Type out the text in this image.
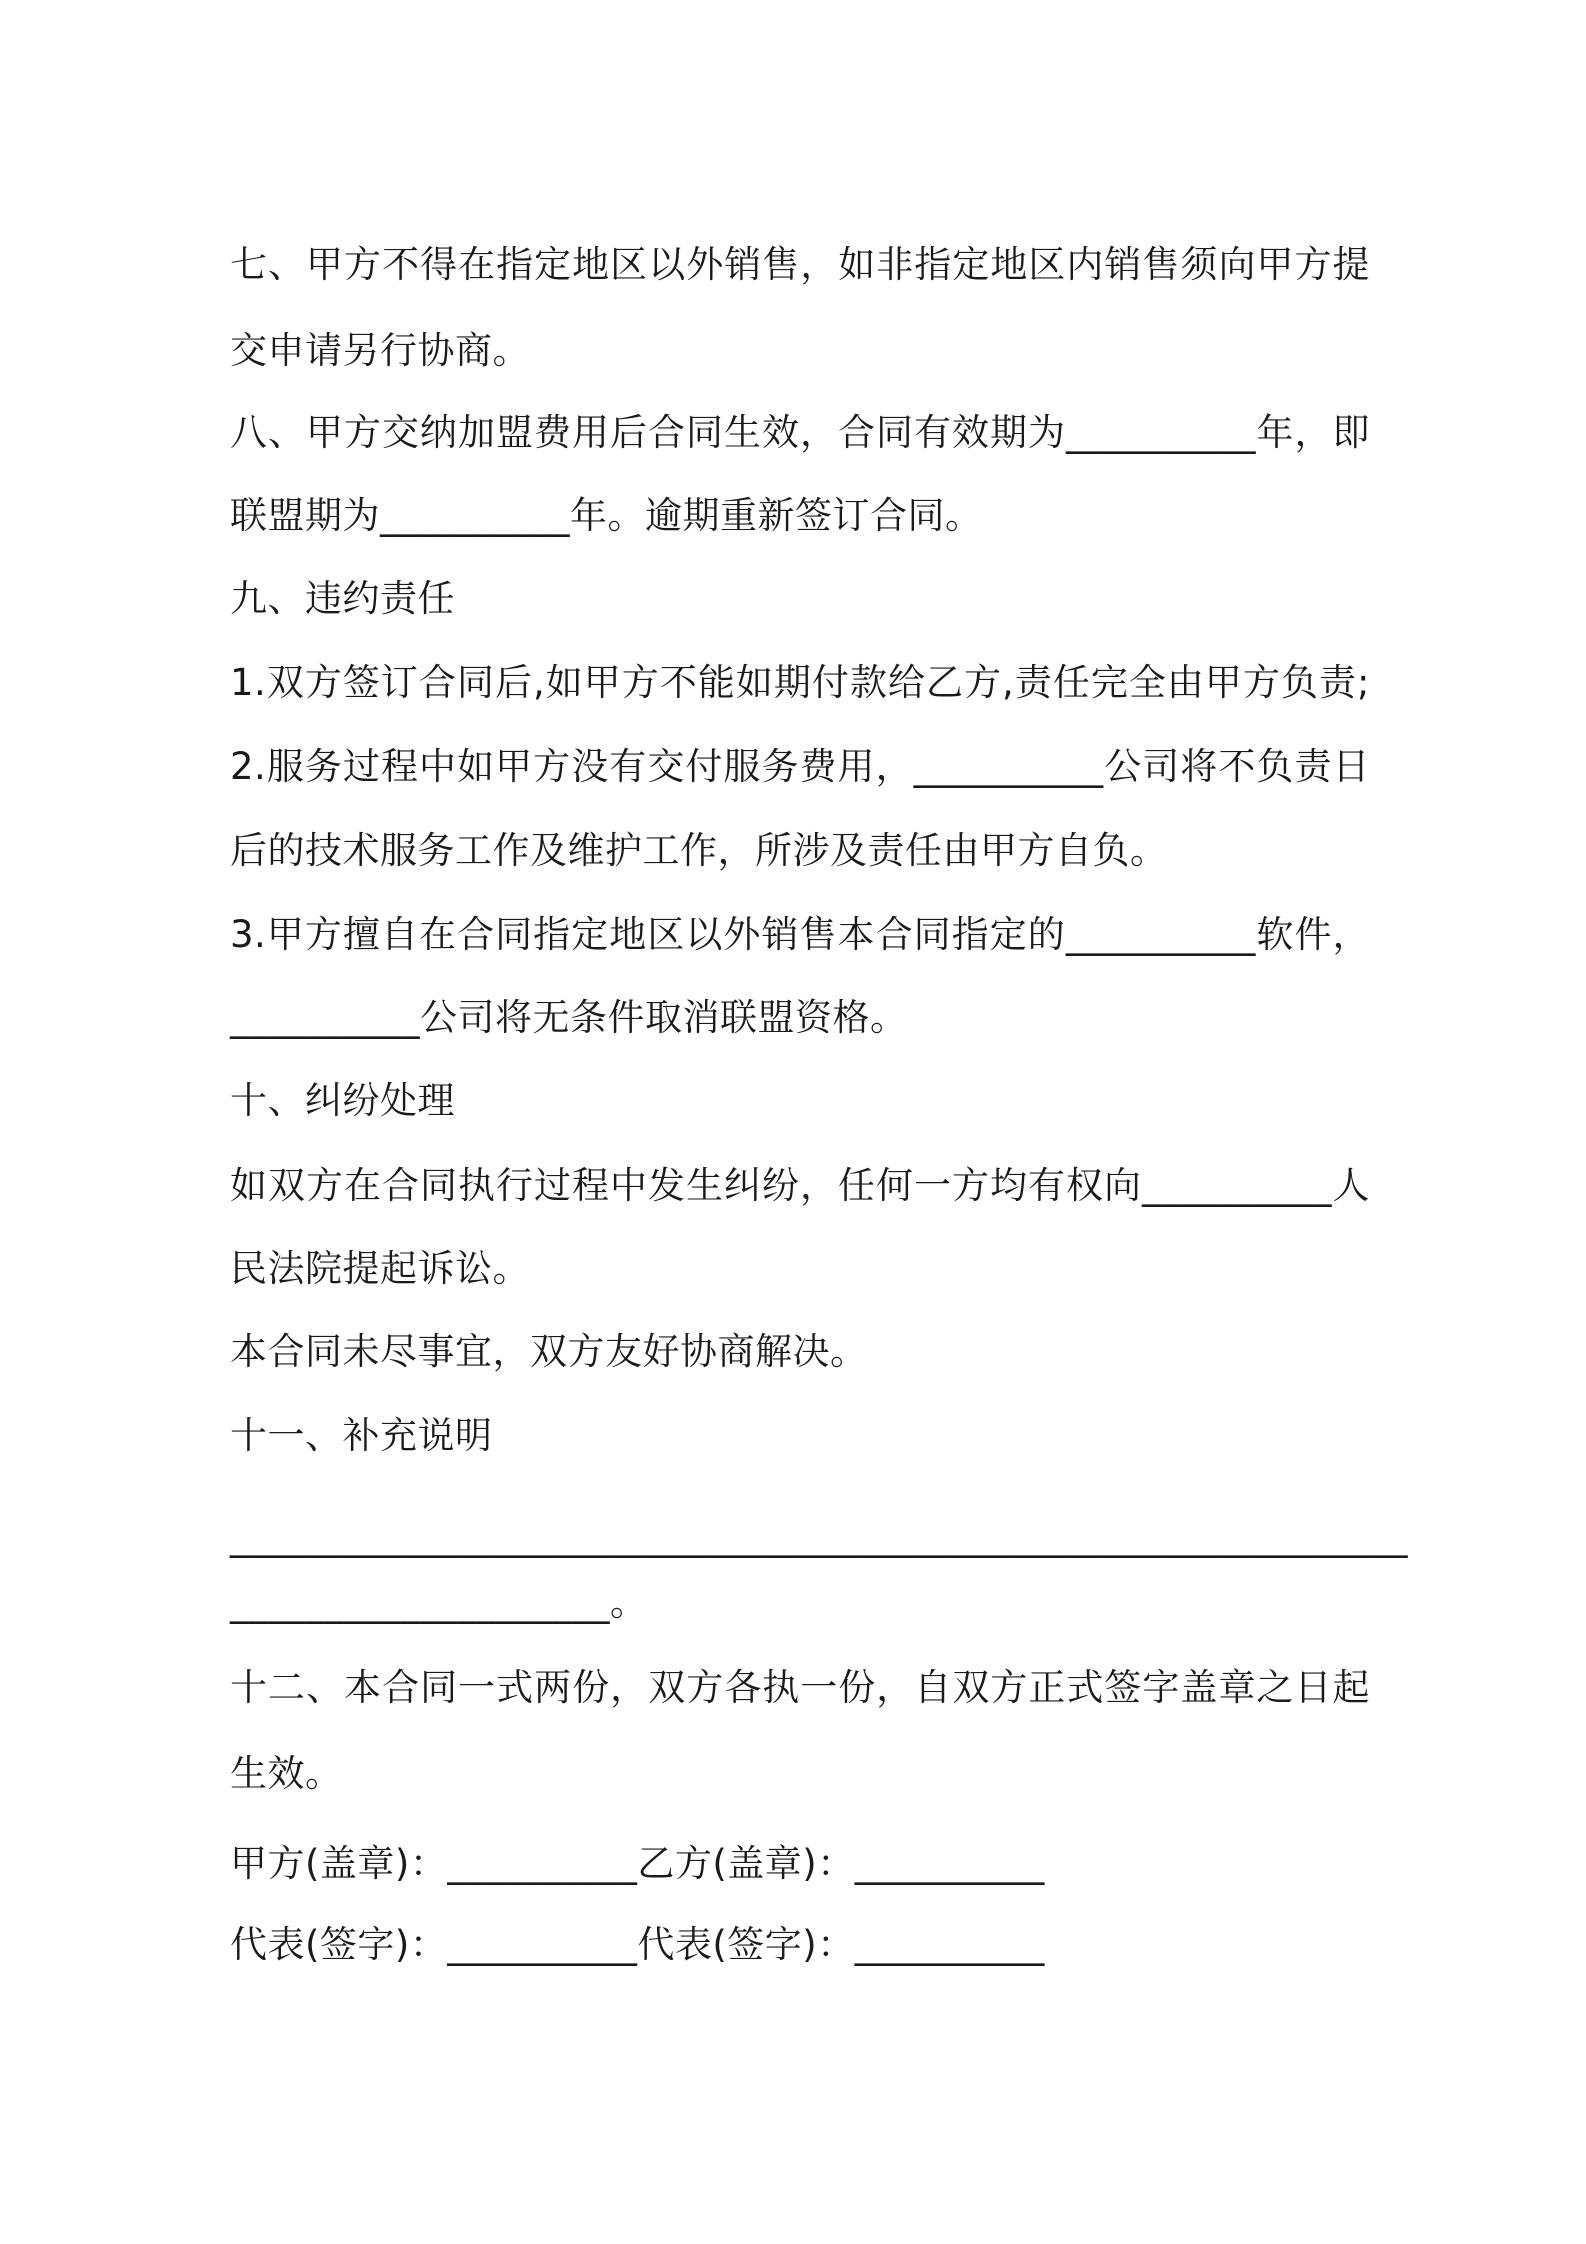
七、甲方不得在指定地区以外销售，如非指定地区内销售须向甲方提
交申请另行协商。
八、甲方交纳加盟费用后合同生效，合同有效期为__________年，即
联盟期为__________年。逾期重新签订合同。
九、违约责任
1.双方签订合同后,如甲方不能如期付款给乙方,责任完全由甲方负责;
2.服务过程中如甲方没有交付服务费用，__________公司将不负责日
后的技术服务工作及维护工作，所涉及责任由甲方自负。
3.甲方擅自在合同指定地区以外销售本合同指定的__________软件，
__________公司将无条件取消联盟资格。
十、纠纷处理
如双方在合同执行过程中发生纠纷，任何一方均有权向__________人
民法院提起诉讼。
本合同未尽事宜，双方友好协商解决。
十一、补充说明
______________________________________________________________
____________________。
十二、本合同一式两份，双方各执一份，自双方正式签字盖章之日起
生效。
甲方(盖章)：__________乙方(盖章)：__________
代表(签字)：__________代表(签字)：__________
